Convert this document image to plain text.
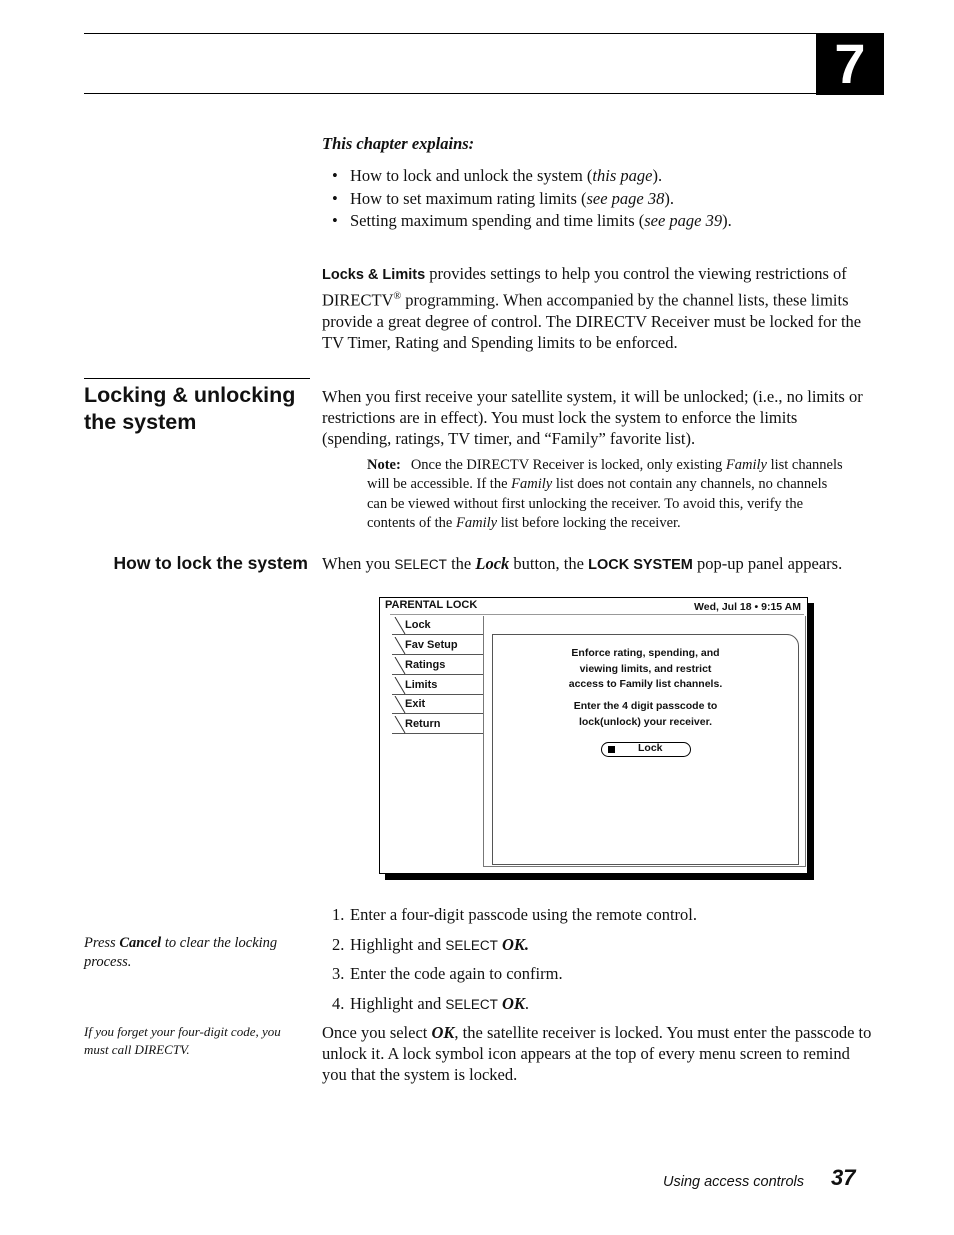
7
This chapter explains:
• How to lock and unlock the system (this page).
• How to set maximum rating limits (see page 38).
• Setting maximum spending and time limits (see page 39).
Locks & Limits provides settings to help you control the viewing restrictions of DIRECTV® programming. When accompanied by the channel lists, these limits provide a great degree of control. The DIRECTV Receiver must be locked for the TV Timer, Rating and Spending limits to be enforced.
Locking & unlocking the system
When you first receive your satellite system, it will be unlocked; (i.e., no limits or restrictions are in effect). You must lock the system to enforce the limits (spending, ratings, TV timer, and “Family” favorite list).
Note: Once the DIRECTV Receiver is locked, only existing Family list channels will be accessible. If the Family list does not contain any channels, no channels can be viewed without first unlocking the receiver. To avoid this, verify the contents of the Family list before locking the receiver.
How to lock the system When you SELECT the Lock button, the LOCK SYSTEM pop-up panel appears.
PARENTAL LOCK	Wed, Jul 18 • 9:15 AM
Lock
Fav Setup
Ratings
Limits
Exit
Return
Enforce rating, spending, and
viewing limits, and restrict
access to Family list channels.
Enter the 4 digit passcode to
lock(unlock) your receiver.
Lock
1. Enter a four-digit passcode using the remote control.
2. Highlight and SELECT OK.
3. Enter the code again to confirm.
4. Highlight and SELECT OK.
Press Cancel to clear the locking process.
If you forget your four-digit code, you must call DIRECTV.
Once you select OK, the satellite receiver is locked. You must enter the passcode to unlock it. A lock symbol icon appears at the top of every menu screen to remind you that the system is locked.
Using access controls 37
